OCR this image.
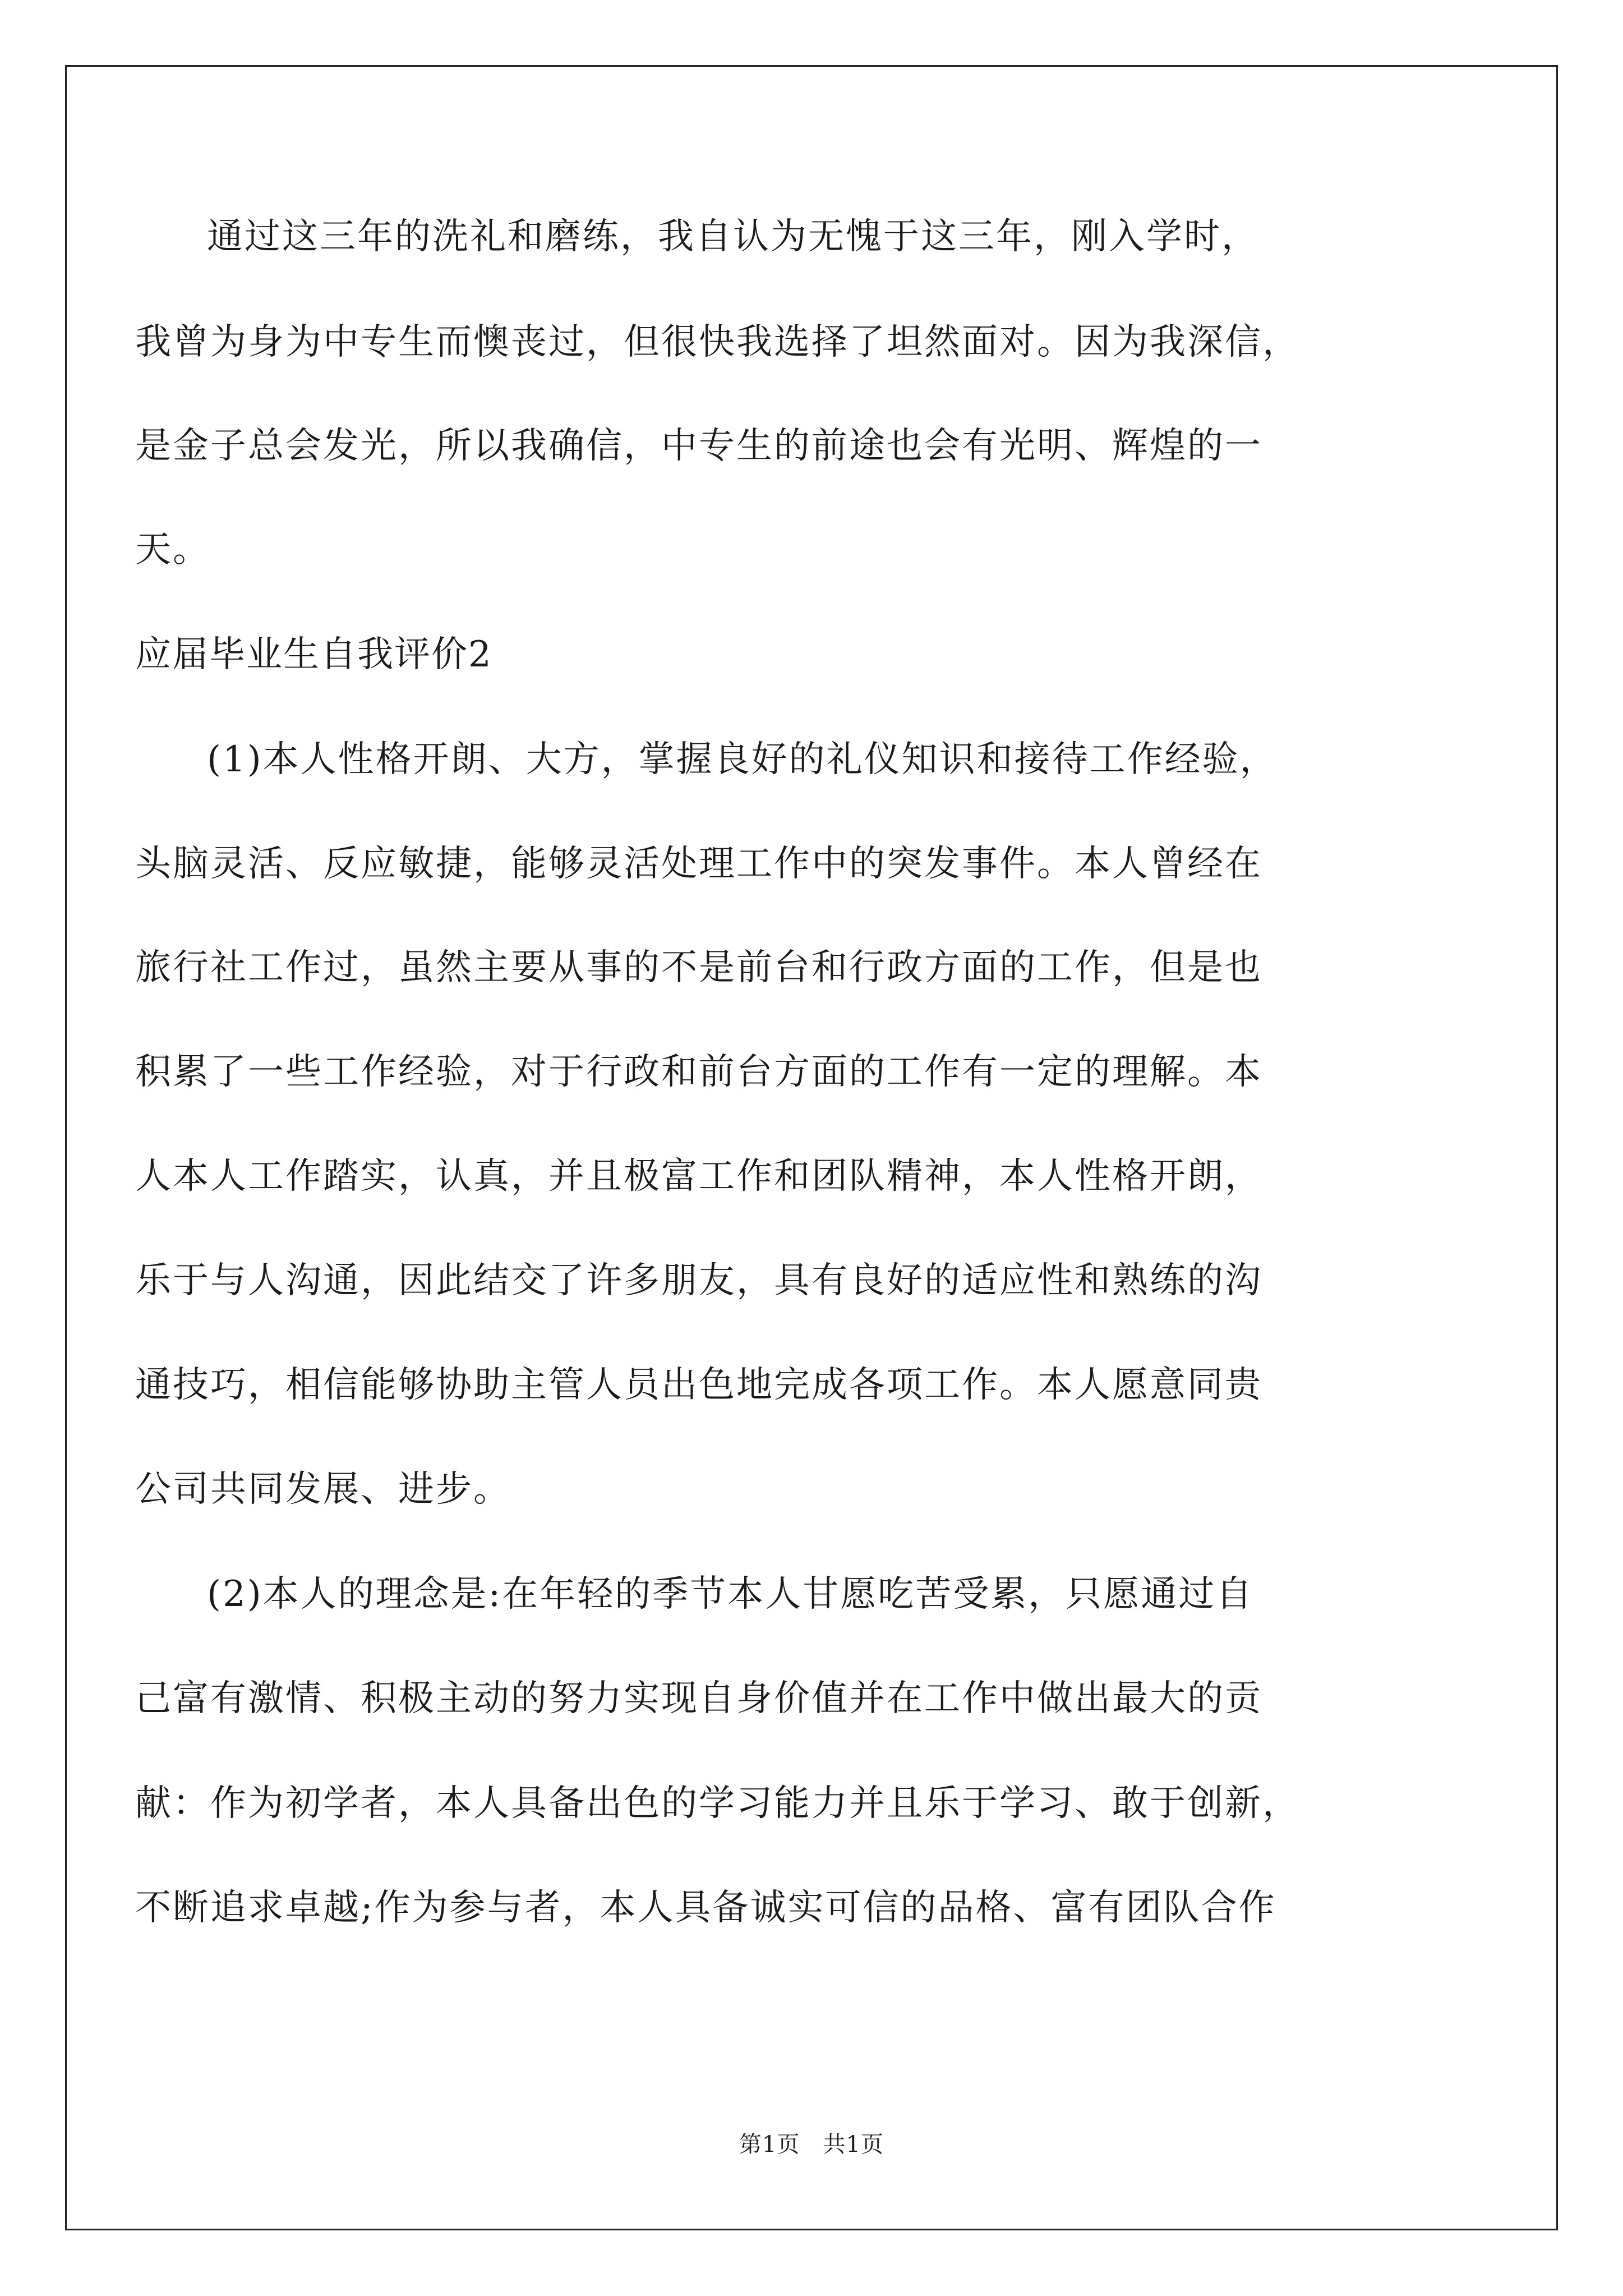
通过这三年的洗礼和磨练，我自认为无愧于这三年，刚入学时，
我曾为身为中专生而懊丧过，但很快我选择了坦然面对。因为我深信，
是金子总会发光，所以我确信，中专生的前途也会有光明、辉煌的一
天。
应届毕业生自我评价2
(1)本人性格开朗、大方，掌握良好的礼仪知识和接待工作经验，
头脑灵活、反应敏捷，能够灵活处理工作中的突发事件。本人曾经在
旅行社工作过，虽然主要从事的不是前台和行政方面的工作，但是也
积累了一些工作经验，对于行政和前台方面的工作有一定的理解。本
人本人工作踏实，认真，并且极富工作和团队精神，本人性格开朗，
乐于与人沟通，因此结交了许多朋友，具有良好的适应性和熟练的沟
通技巧，相信能够协助主管人员出色地完成各项工作。本人愿意同贵
公司共同发展、进步。
(2)本人的理念是:在年轻的季节本人甘愿吃苦受累，只愿通过自
己富有激情、积极主动的努力实现自身价值并在工作中做出最大的贡
献：作为初学者，本人具备出色的学习能力并且乐于学习、敢于创新，
不断追求卓越;作为参与者，本人具备诚实可信的品格、富有团队合作
第1页　共1页
